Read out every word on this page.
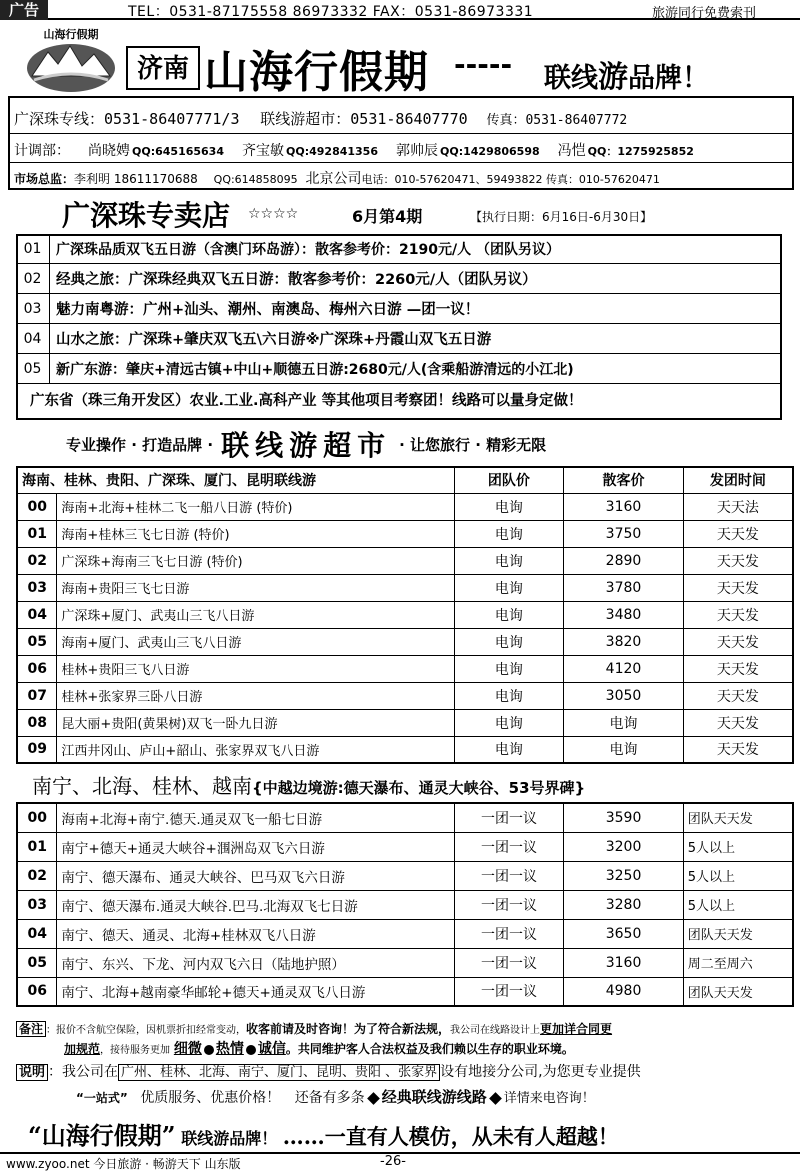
广告	TEL：0531-87175558 86973332 FAX：0531-86973331	旅游同行免费索刊
山海行假期
济南 山海行假期 ----- 联线游品牌！
广深珠专线：0531-86407771/3 联线游超市：0531-86407770 传真：0531-86407772
计调部： 尚晓娉 QQ:645165634 齐宝敏 QQ:492841356 郭帅辰 QQ:1429806598 冯恺 QQ：1275925852
市场总监：李利明 18611170688 QQ:614858095 北京公司电话：010-57620471、59493822 传真：010-57620471
广深珠专卖店 ☆☆☆☆	6月第4期	【执行日期：6月16日-6月30日】
01	广深珠品质双飞五日游（含澳门环岛游）：散客参考价：2190元/人 （团队另议）
02	经典之旅：广深珠经典双飞五日游：散客参考价：2260元/人（团队另议）
03	魅力南粤游：广州+汕头、潮州、南澳岛、梅州六日游 —团一议！
04	山水之旅：广深珠+肇庆双飞五\六日游※广深珠+丹霞山双飞五日游
05	新广东游：肇庆+清远古镇+中山+顺德五日游:2680元/人(含乘船游清远的小江北)
广东省（珠三角开发区）农业.工业.高科产业 等其他项目考察团！线路可以量身定做！
专业操作 · 打造品牌 · 联线游超市 · 让您旅行 · 精彩无限
海南、桂林、贵阳、广深珠、厦门、昆明联线游		团队价	散客价	发团时间
00	海南+北海+桂林二飞一船八日游 (特价)	电询	3160	天天法
01	海南+桂林三飞七日游 (特价)	电询	3750	天天发
02	广深珠+海南三飞七日游 (特价)	电询	2890	天天发
03	海南+贵阳三飞七日游	电询	3780	天天发
04	广深珠+厦门、武夷山三飞八日游	电询	3480	天天发
05	海南+厦门、武夷山三飞八日游	电询	3820	天天发
06	桂林+贵阳三飞八日游	电询	4120	天天发
07	桂林+张家界三卧八日游	电询	3050	天天发
08	昆大丽+贵阳(黄果树)双飞一卧九日游	电询	电询	天天发
09	江西井冈山、庐山+韶山、张家界双飞八日游	电询	电询	天天发
南宁、北海、桂林、越南{中越边境游:德天瀑布、通灵大峡谷、53号界碑}
00	海南+北海+南宁.德天.通灵双飞一船七日游	一团一议	3590	团队天天发
01	南宁+德天+通灵大峡谷+涠洲岛双飞六日游	一团一议	3200	5人以上
02	南宁、德天瀑布、通灵大峡谷、巴马双飞六日游	一团一议	3250	5人以上
03	南宁、德天瀑布.通灵大峡谷.巴马.北海双飞七日游	一团一议	3280	5人以上
04	南宁、德天、通灵、北海+桂林双飞八日游	一团一议	3650	团队天天发
05	南宁、东兴、下龙、河内双飞六日（陆地护照）	一团一议	3160	周二至周六
06	南宁、北海+越南豪华邮轮+德天+通灵双飞八日游	一团一议	4980	团队天天发
备注 ：报价不含航空保险，因机票折扣经常变动，收客前请及时咨询！为了符合新法规，我公司在线路设计上更加详合同更
加规范，接待服务更加 细微 热情 诚信。共同维护客人合法权益及我们赖以生存的职业环境。
说明 ：我公司在 广州、桂林、北海、南宁、厦门、昆明、贵阳 、张家界 设有地接分公司,为您更专业提供
“一站式” 优质服务、优惠价格！ 还备有多条 经典联线游线路 详情来电咨询！
“山海行假期” 联线游品牌！ ……一直有人模仿，从未有人超越！
www.zyoo.net 今日旅游 · 畅游天下 山东版	-26-
